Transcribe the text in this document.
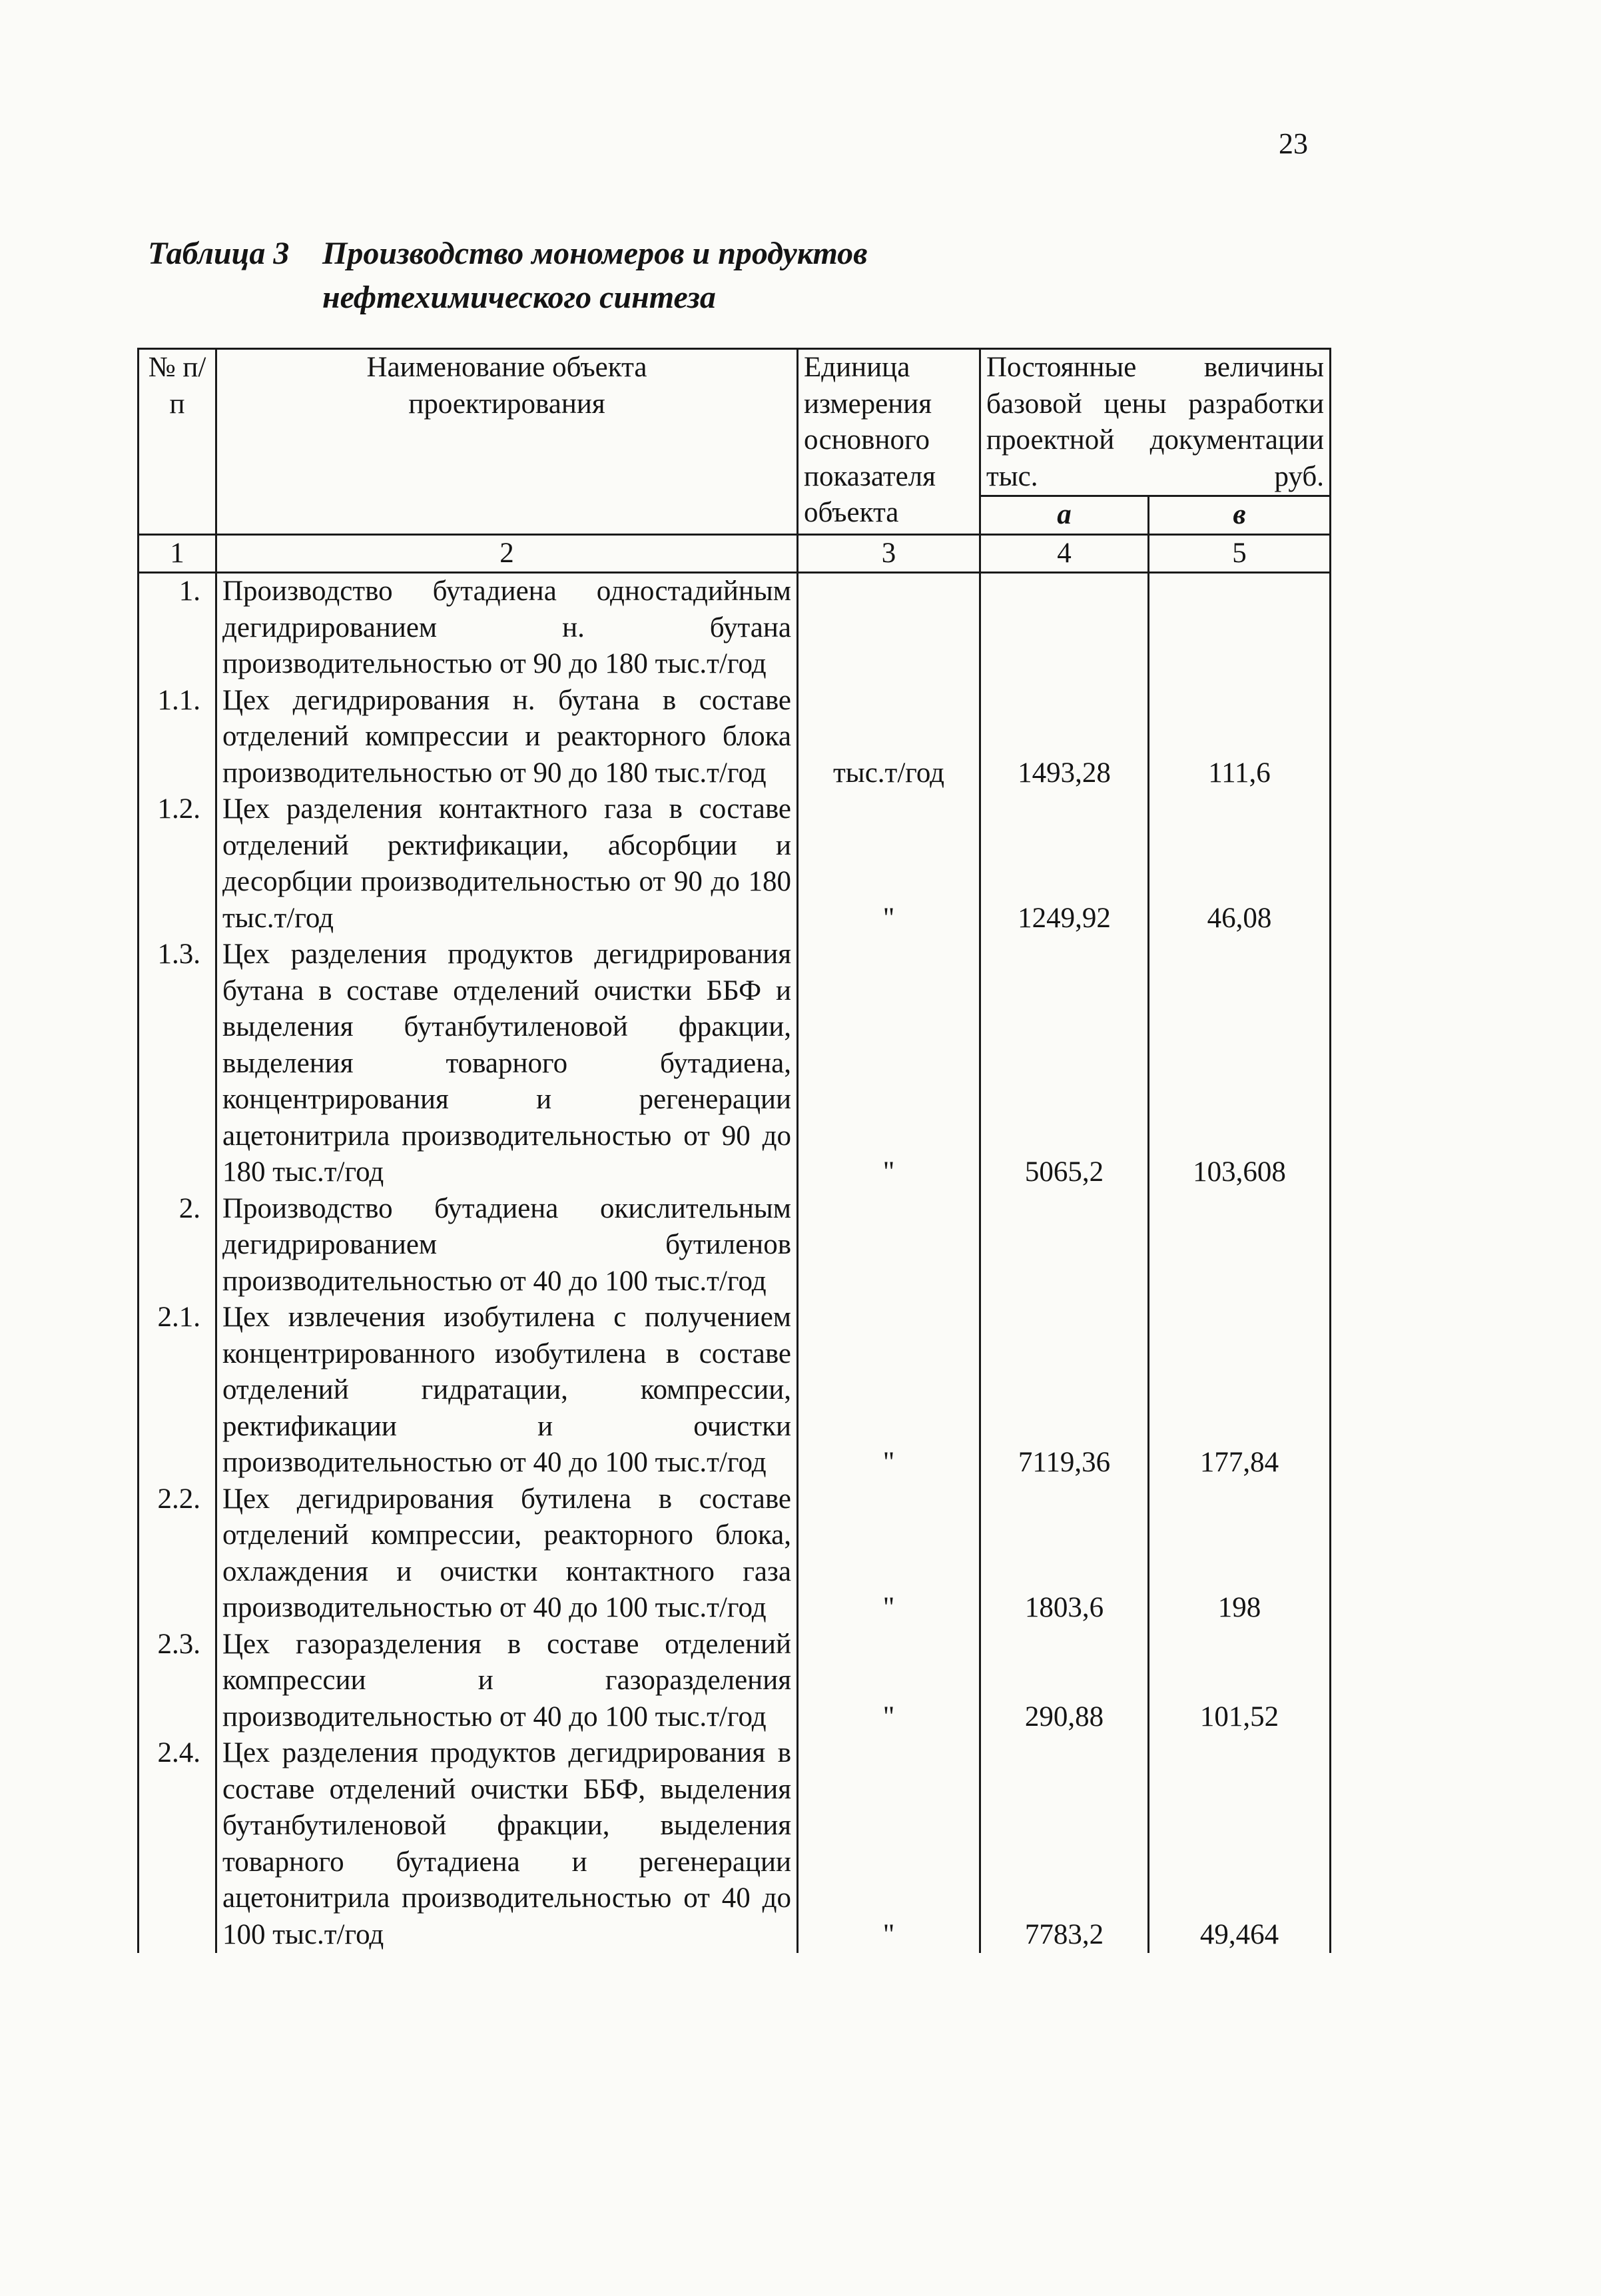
23
Таблица 3 Производство мономеров и продуктов
нефтехимического синтеза
№ п/п	Наименование объекта проектирования	Единица измерения основного показателя объекта	Постоянные величины базовой цены разработки проектной документации тыс. руб.	
			а	в
1	2	3	4	5
1.	Производство бутадиена одностадийным дегидрированием н. бутана производительностью от 90 до 180 тыс.т/год			
1.1.	Цех дегидрирования н. бутана в составе отделений компрессии и реакторного блока производительностью от 90 до 180 тыс.т/год	тыс.т/год	1493,28	111,6
1.2.	Цех разделения контактного газа в составе отделений ректификации, абсорбции и десорбции производительностью от 90 до 180 тыс.т/год	"	1249,92	46,08
1.3.	Цех разделения продуктов дегидрирования бутана в составе отделений очистки ББФ и выделения бутанбутиленовой фракции, выделения товарного бутадиена, концентрирования и регенерации ацетонитрила производительностью от 90 до 180 тыс.т/год	"	5065,2	103,608
2.	Производство бутадиена окислительным дегидрированием бутиленов производительностью от 40 до 100 тыс.т/год			
2.1.	Цех извлечения изобутилена с получением концентрированного изобутилена в составе отделений гидратации, компрессии, ректификации и очистки производительностью от 40 до 100 тыс.т/год	"	7119,36	177,84
2.2.	Цех дегидрирования бутилена в составе отделений компрессии, реакторного блока, охлаждения и очистки контактного газа производительностью от 40 до 100 тыс.т/год	"	1803,6	198
2.3.	Цех газоразделения в составе отделений компрессии и газоразделения производительностью от 40 до 100 тыс.т/год	"	290,88	101,52
2.4.	Цех разделения продуктов дегидрирования в составе отделений очистки ББФ, выделения бутанбутиленовой фракции, выделения товарного бутадиена и регенерации ацетонитрила производительностью от 40 до 100 тыс.т/год	"	7783,2	49,464
